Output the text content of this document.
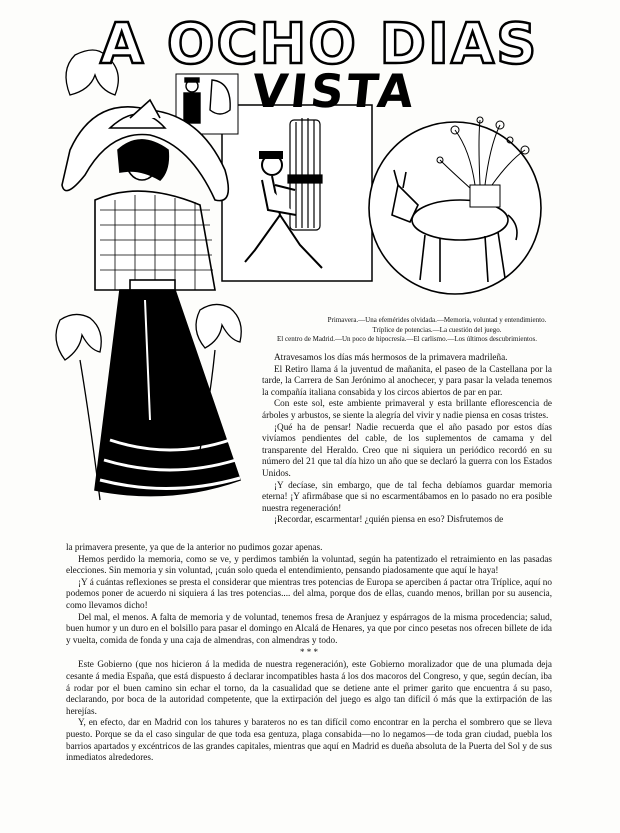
A OCHO DIAS
VISTA
Primavera.—Una efemérides olvidada.—Memoria, voluntad y entendimiento.
Tríplice de potencias.—La cuestión del juego.
El centro de Madrid.—Un poco de hipocresía.—El carlismo.—Los últimos descubrimientos.

Atravesamos los días más hermosos de la primavera madrileña.

El Retiro llama á la juventud de mañanita, el paseo de la Castellana por la tarde, la Carrera de San Jerónimo al anochecer, y para pasar la velada tenemos la compañía italiana consabida y los circos abiertos de par en par.

Con este sol, este ambiente primaveral y esta brillante eflorescencia de árboles y arbustos, se siente la alegría del vivir y nadie piensa en cosas tristes.

¡Qué ha de pensar! Nadie recuerda que el año pasado por estos días vivíamos pendientes del cable, de los suplementos de camama y del transparente del Heraldo. Creo que ni siquiera un periódico recordó en su número del 21 que tal día hizo un año que se declaró la guerra con los Estados Unidos.

¡Y decíase, sin embargo, que de tal fecha debíamos guardar memoria eterna! ¡Y afirmábase que si no escarmentábamos en lo pasado no era posible nuestra regeneración!

¡Recordar, escarmentar! ¿quién piensa en eso? Disfrutemos de

la primavera presente, ya que de la anterior no pudimos gozar apenas.

Hemos perdido la memoria, como se ve, y perdimos también la voluntad, según ha patentizado el retraimiento en las pasadas elecciones. Sin memoria y sin voluntad, ¡cuán solo queda el entendimiento, pensando piadosamente que aquí le haya!

¡Y á cuántas reflexiones se presta el considerar que mientras tres potencias de Europa se aperciben á pactar otra Tríplice, aquí no podemos poner de acuerdo ni siquiera á las tres potencias.... del alma, porque dos de ellas, cuando menos, brillan por su ausencia, como llevamos dicho!

Del mal, el menos. A falta de memoria y de voluntad, tenemos fresa de Aranjuez y espárragos de la misma procedencia; salud, buen humor y un duro en el bolsillo para pasar el domingo en Alcalá de Henares, ya que por cinco pesetas nos ofrecen billete de ida y vuelta, comida de fonda y una caja de almendras, con almendras y todo.

* * *

Este Gobierno (que nos hicieron á la medida de nuestra regeneración), este Gobierno moralizador que de una plumada deja cesante á media España, que está dispuesto á declarar incompatibles hasta á los dos macoros del Congreso, y que, según decían, iba á rodar por el buen camino sin echar el torno, da la casualidad que se detiene ante el primer garito que encuentra á su paso, declarando, por boca de la autoridad competente, que la extirpación del juego es algo tan difícil ó más que la extirpación de las herejías.

Y, en efecto, dar en Madrid con los tahures y barateros no es tan difícil como encontrar en la percha el sombrero que se lleva puesto. Porque se da el caso singular de que toda esa gentuza, plaga consabida—no lo negamos—de toda gran ciudad, puebla los barrios apartados y excéntricos de las grandes capitales, mientras que aquí en Madrid es dueña absoluta de la Puerta del Sol y de sus inmediatos alrededores.
